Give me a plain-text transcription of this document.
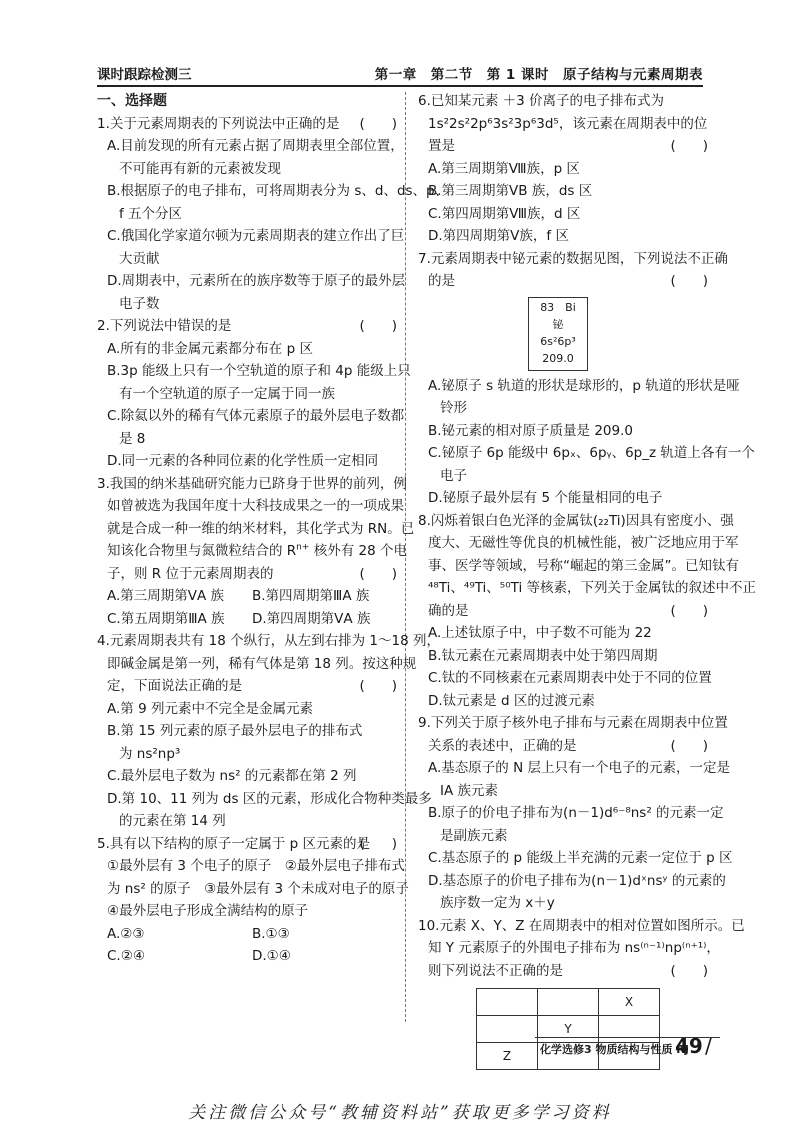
课时跟踪检测三	第一章　第二节　第 1 课时　原子结构与元素周期表
一、选择题
1.关于元素周期表的下列说法中正确的是 (　　)
A.目前发现的所有元素占据了周期表里全部位置，
不可能再有新的元素被发现
B.根据原子的电子排布，可将周期表分为 s、d、ds、p、
f 五个分区
C.俄国化学家道尔顿为元素周期表的建立作出了巨
大贡献
D.周期表中，元素所在的族序数等于原子的最外层
电子数
2.下列说法中错误的是	(　　)
A.所有的非金属元素都分布在 p 区
B.3p 能级上只有一个空轨道的原子和 4p 能级上只
有一个空轨道的原子一定属于同一族
C.除氦以外的稀有气体元素原子的最外层电子数都
是 8
D.同一元素的各种同位素的化学性质一定相同
3.我国的纳米基础研究能力已跻身于世界的前列，例
如曾被选为我国年度十大科技成果之一的一项成果
就是合成一种一维的纳米材料，其化学式为 RN。已
知该化合物里与氮微粒结合的 $R^{n+}$ 核外有 28 个电
子，则 R 位于元素周期表的	(　　)
A.第三周期第ⅤA 族	B.第四周期第ⅢA 族
C.第五周期第ⅢA 族	D.第四周期第ⅤA 族
4.元素周期表共有 18 个纵行，从左到右排为 1～18 列，
即碱金属是第一列，稀有气体是第 18 列。按这种规
定，下面说法正确的是	(　　)
A.第 9 列元素中不完全是金属元素
B.第 15 列元素的原子最外层电子的排布式
为 ns²np³
C.最外层电子数为 ns² 的元素都在第 2 列
D.第 10、11 列为 ds 区的元素，形成化合物种类最多
的元素在第 14 列
5.具有以下结构的原子一定属于 p 区元素的是
(　　)
①最外层有 3 个电子的原子　②最外层电子排布式
为 ns² 的原子　③最外层有 3 个未成对电子的原子
④最外层电子形成全满结构的原子
A.②③	B.①③
C.②④	D.①④
6.已知某元素 ＋3 价离子的电子排布式为
1s²2s²2p⁶3s²3p⁶3d⁵，该元素在周期表中的位
置是	(　　)
A.第三周期第Ⅷ族，p 区
B.第三周期第ⅤB 族，ds 区
C.第四周期第Ⅷ族，d 区
D.第四周期第Ⅴ族，f 区
7.元素周期表中铋元素的数据见图，下列说法不正确
的是	(　　)
83　Bi
铋
6s²6p³
209.0
A.铋原子 s 轨道的形状是球形的，p 轨道的形状是哑
铃形
B.铋元素的相对原子质量是 209.0
C.铋原子 6p 能级中 6pₓ、6pᵧ、6p_z 轨道上各有一个
电子
D.铋原子最外层有 5 个能量相同的电子
8.闪烁着银白色光泽的金属钛(₂₂Ti)因具有密度小、强
度大、无磁性等优良的机械性能，被广泛地应用于军
事、医学等领域，号称“崛起的第三金属”。已知钛有
⁴⁸Ti、⁴⁹Ti、⁵⁰Ti 等核素，下列关于金属钛的叙述中不正
确的是	(　　)
A.上述钛原子中，中子数不可能为 22
B.钛元素在元素周期表中处于第四周期
C.钛的不同核素在元素周期表中处于不同的位置
D.钛元素是 d 区的过渡元素
9.下列关于原子核外电子排布与元素在周期表中位置
关系的表述中，正确的是	(　　)
A.基态原子的 N 层上只有一个电子的元素，一定是
ⅠA 族元素
B.原子的价电子排布为(n－1)d⁶⁻⁸ns² 的元素一定
是副族元素
C.基态原子的 p 能级上半充满的元素一定位于 p 区
D.基态原子的价电子排布为(n－1)dˣnsʸ 的元素的
族序数一定为 x＋y
10.元素 X、Y、Z 在周期表中的相对位置如图所示。已
知 Y 元素原子的外围电子排布为 ns⁽ⁿ⁻¹⁾np⁽ⁿ⁺¹⁾，
则下列说法不正确的是	(　　)
		X
	Y	
Z			化学选修3 物质结构与性质 RJ
49 /
关注微信公众号“教辅资料站”获取更多学习资料
